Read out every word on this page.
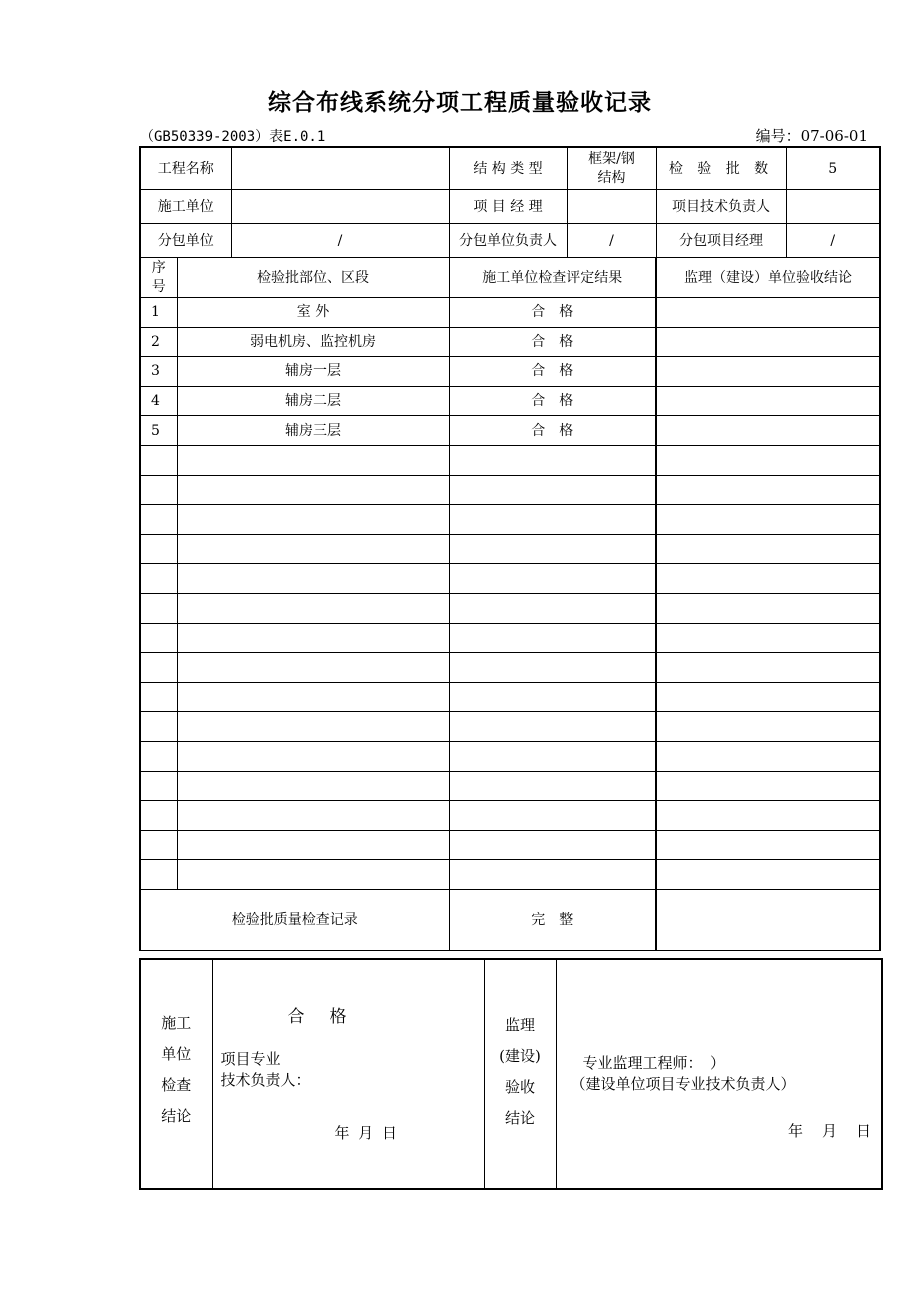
综合布线系统分项工程质量验收记录
（GB50339-2003）表E.0.1	编号：07-06-01
工程名称			结 构 类 型	框架/钢结构	检 验 批 数	5
施工单位			项 目 经 理		项目技术负责人	
分包单位		/	分包单位负责人	/	分包项目经理	/
序号	检验批部位、区段		施工单位检查评定结果		监理（建设）单位验收结论	
1	室 外		合　格			
2	弱电机房、监控机房		合　格			
3	辅房一层		合　格			
4	辅房二层		合　格			
5	辅房三层		合　格			

检验批质量检查记录			完　整			
施工
单位
检查
结论

合　格
项目专业
技术负责人：
年 月 日

监理
(建设)
验收
结论

专业监理工程师：　）
（建设单位项目专业技术负责人）
年　月　日
